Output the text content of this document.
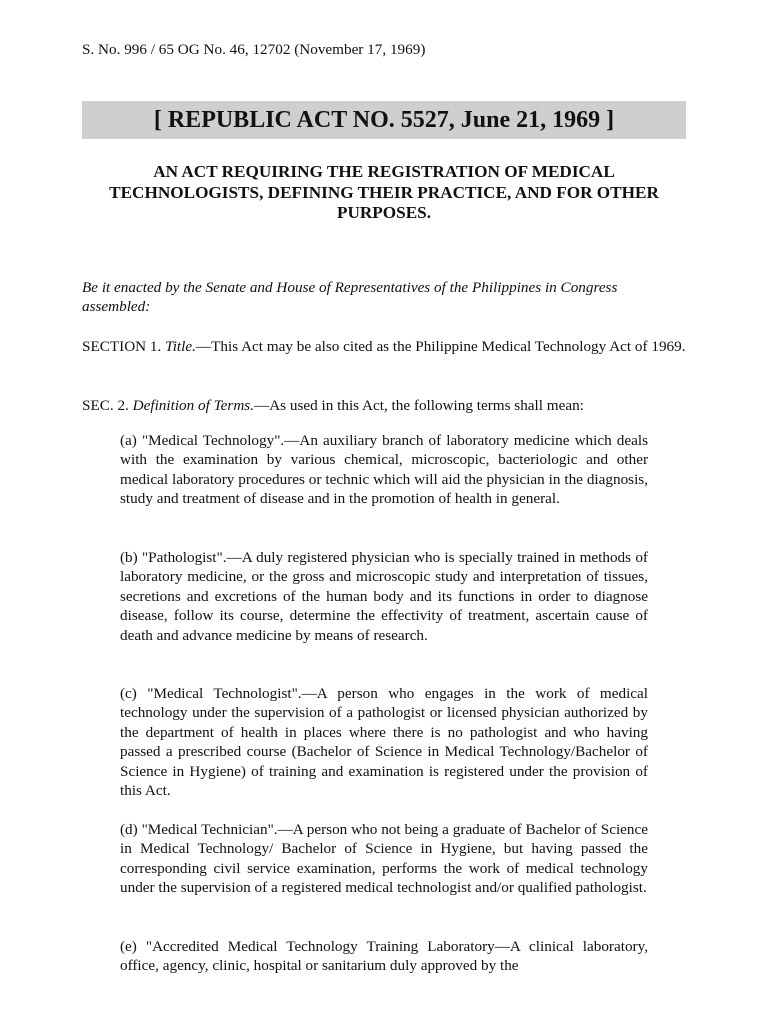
S. No. 996 / 65 OG No. 46, 12702 (November 17, 1969)
[ REPUBLIC ACT NO. 5527, June 21, 1969 ]
AN ACT REQUIRING THE REGISTRATION OF MEDICAL TECHNOLOGISTS, DEFINING THEIR PRACTICE, AND FOR OTHER PURPOSES.
Be it enacted by the Senate and House of Representatives of the Philippines in Congress assembled:
SECTION 1. Title.—This Act may be also cited as the Philippine Medical Technology Act of 1969.
SEC. 2. Definition of Terms.—As used in this Act, the following terms shall mean:
(a) "Medical Technology".—An auxiliary branch of laboratory medicine which deals with the examination by various chemical, microscopic, bacteriologic and other medical laboratory procedures or technic which will aid the physician in the diagnosis, study and treatment of disease and in the promotion of health in general.
(b) "Pathologist".—A duly registered physician who is specially trained in methods of laboratory medicine, or the gross and microscopic study and interpretation of tissues, secretions and excretions of the human body and its functions in order to diagnose disease, follow its course, determine the effectivity of treatment, ascertain cause of death and advance medicine by means of research.
(c) "Medical Technologist".—A person who engages in the work of medical technology under the supervision of a pathologist or licensed physician authorized by the department of health in places where there is no pathologist and who having passed a prescribed course (Bachelor of Science in Medical Technology/Bachelor of Science in Hygiene) of training and examination is registered under the provision of this Act.
(d) "Medical Technician".—A person who not being a graduate of Bachelor of Science in Medical Technology/ Bachelor of Science in Hygiene, but having passed the corresponding civil service examination, performs the work of medical technology under the supervision of a registered medical technologist and/or qualified pathologist.
(e) "Accredited Medical Technology Training Laboratory—A clinical laboratory, office, agency, clinic, hospital or sanitarium duly approved by the
